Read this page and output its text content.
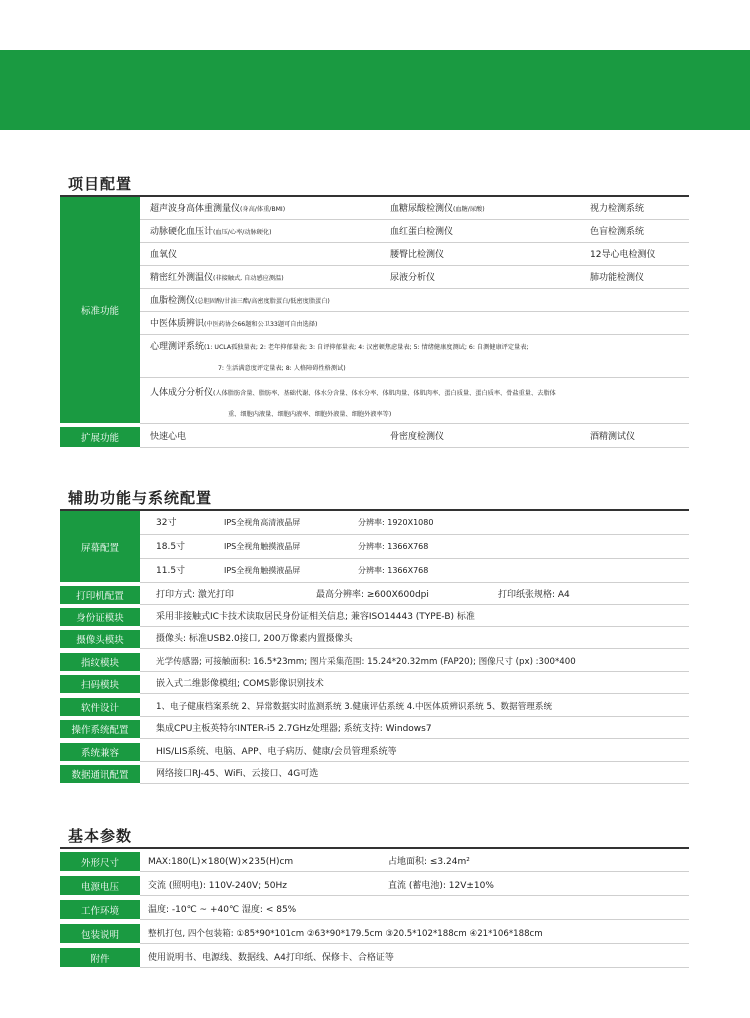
项目配置
标准功能
超声波身高体重测量仪(身高/体重/BMI)	血糖尿酸检测仪(血糖/尿酸)	视力检测系统
动脉硬化血压计(血压/心率/动脉硬化)	血红蛋白检测仪	色盲检测系统
血氧仪	腰臀比检测仪	12导心电检测仪
精密红外测温仪(非接触式, 自动感应测温)	尿液分析仪	肺功能检测仪
血脂检测仪(总胆固醇/甘油三酯/高密度脂蛋白/低密度脂蛋白)
中医体质辨识(中医药协会66题和公卫33题可自由选择)
心理测评系统(1: UCLA孤独量表; 2: 老年抑郁量表; 3: 自评抑郁量表; 4: 汉密顿焦虑量表; 5: 情绪健康度测试; 6: 自测健康评定量表;
7: 生活满意度评定量表; 8: 人格障碍性格测试)
人体成分分析仪(人体脂肪含量、脂肪率、基础代谢、体水分含量、体水分率、体肌肉量、体肌肉率、蛋白质量、蛋白质率、骨盐重量、去脂体
重、细胞内液量、细胞内液率、细胞外液量、细胞外液率等)
扩展功能	快速心电	骨密度检测仪	酒精测试仪
辅助功能与系统配置
屏幕配置
32寸	IPS全视角高清液晶屏	分辨率: 1920X1080
18.5寸	IPS全视角触摸液晶屏	分辨率: 1366X768
11.5寸	IPS全视角触摸液晶屏	分辨率: 1366X768
打印机配置	打印方式: 激光打印	最高分辨率: ≥600X600dpi	打印纸张规格: A4
身份证模块	采用非接触式IC卡技术读取居民身份证相关信息; 兼容ISO14443 (TYPE-B) 标准
摄像头模块	摄像头: 标准USB2.0接口, 200万像素内置摄像头
指纹模块	光学传感器; 可接触面积: 16.5*23mm; 图片采集范围: 15.24*20.32mm (FAP20); 图像尺寸 (px) :300*400
扫码模块	嵌入式二维影像模组; COMS影像识别技术
软件设计	1、电子健康档案系统 2、异常数据实时监测系统 3.健康评估系统 4.中医体质辨识系统 5、数据管理系统
操作系统配置	集成CPU主板英特尔INTER-i5 2.7GHz处理器; 系统支持: Windows7
系统兼容	HIS/LIS系统、电脑、APP、电子病历、健康/会员管理系统等
数据通讯配置	网络接口RJ-45、WiFi、云接口、4G可选
基本参数
外形尺寸	MAX:180(L)×180(W)×235(H)cm	占地面积: ≤3.24m²
电源电压	交流 (照明电): 110V-240V; 50Hz	直流 (蓄电池): 12V±10%
工作环境	温度: -10℃ ~ +40℃ 湿度: < 85%
包装说明	整机打包, 四个包装箱: ①85*90*101cm ②63*90*179.5cm ③20.5*102*188cm ④21*106*188cm
附件	使用说明书、电源线、数据线、A4打印纸、保修卡、合格证等
